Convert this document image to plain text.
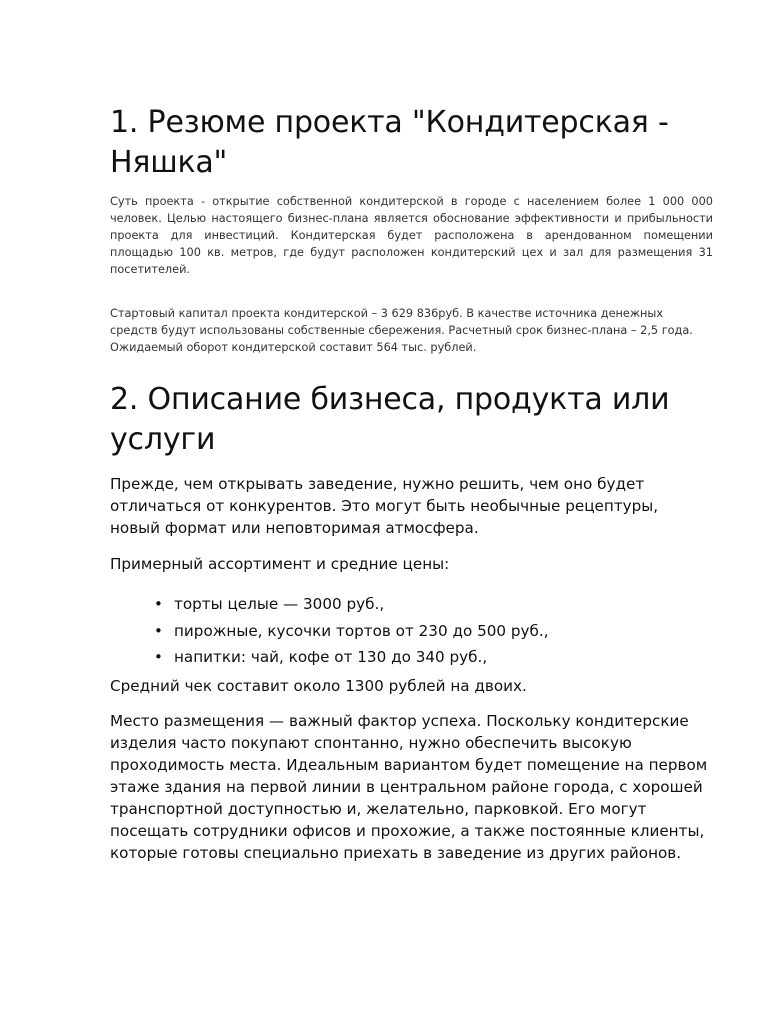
1. Резюме проекта "Кондитерская -
Няшка"

Суть проекта - открытие собственной кондитерской в городе с населением более 1 000 000 человек. Целью настоящего бизнес-плана является обоснование эффективности и прибыльности проекта для инвестиций. Кондитерская будет расположена в арендованном помещении площадью 100 кв. метров, где будут расположен кондитерский цех и зал для размещения 31 посетителей.

Стартовый капитал проекта кондитерской – 3 629 836руб. В качестве источника денежных средств будут использованы собственные сбережения. Расчетный срок бизнес-плана – 2,5 года. Ожидаемый оборот кондитерской составит 564 тыс. рублей.

2. Описание бизнеса, продукта или
услуги

Прежде, чем открывать заведение, нужно решить, чем оно будет отличаться от конкурентов. Это могут быть необычные рецептуры, новый формат или неповторимая атмосфера.

Примерный ассортимент и средние цены:

• торты целые — 3000 руб.,
• пирожные, кусочки тортов от 230 до 500 руб.,
• напитки: чай, кофе от 130 до 340 руб.,

Средний чек составит около 1300 рублей на двоих.

Место размещения — важный фактор успеха. Поскольку кондитерские изделия часто покупают спонтанно, нужно обеспечить высокую проходимость места. Идеальным вариантом будет помещение на первом этаже здания на первой линии в центральном районе города, с хорошей транспортной доступностью и, желательно, парковкой. Его могут посещать сотрудники офисов и прохожие, а также постоянные клиенты, которые готовы специально приехать в заведение из других районов.
